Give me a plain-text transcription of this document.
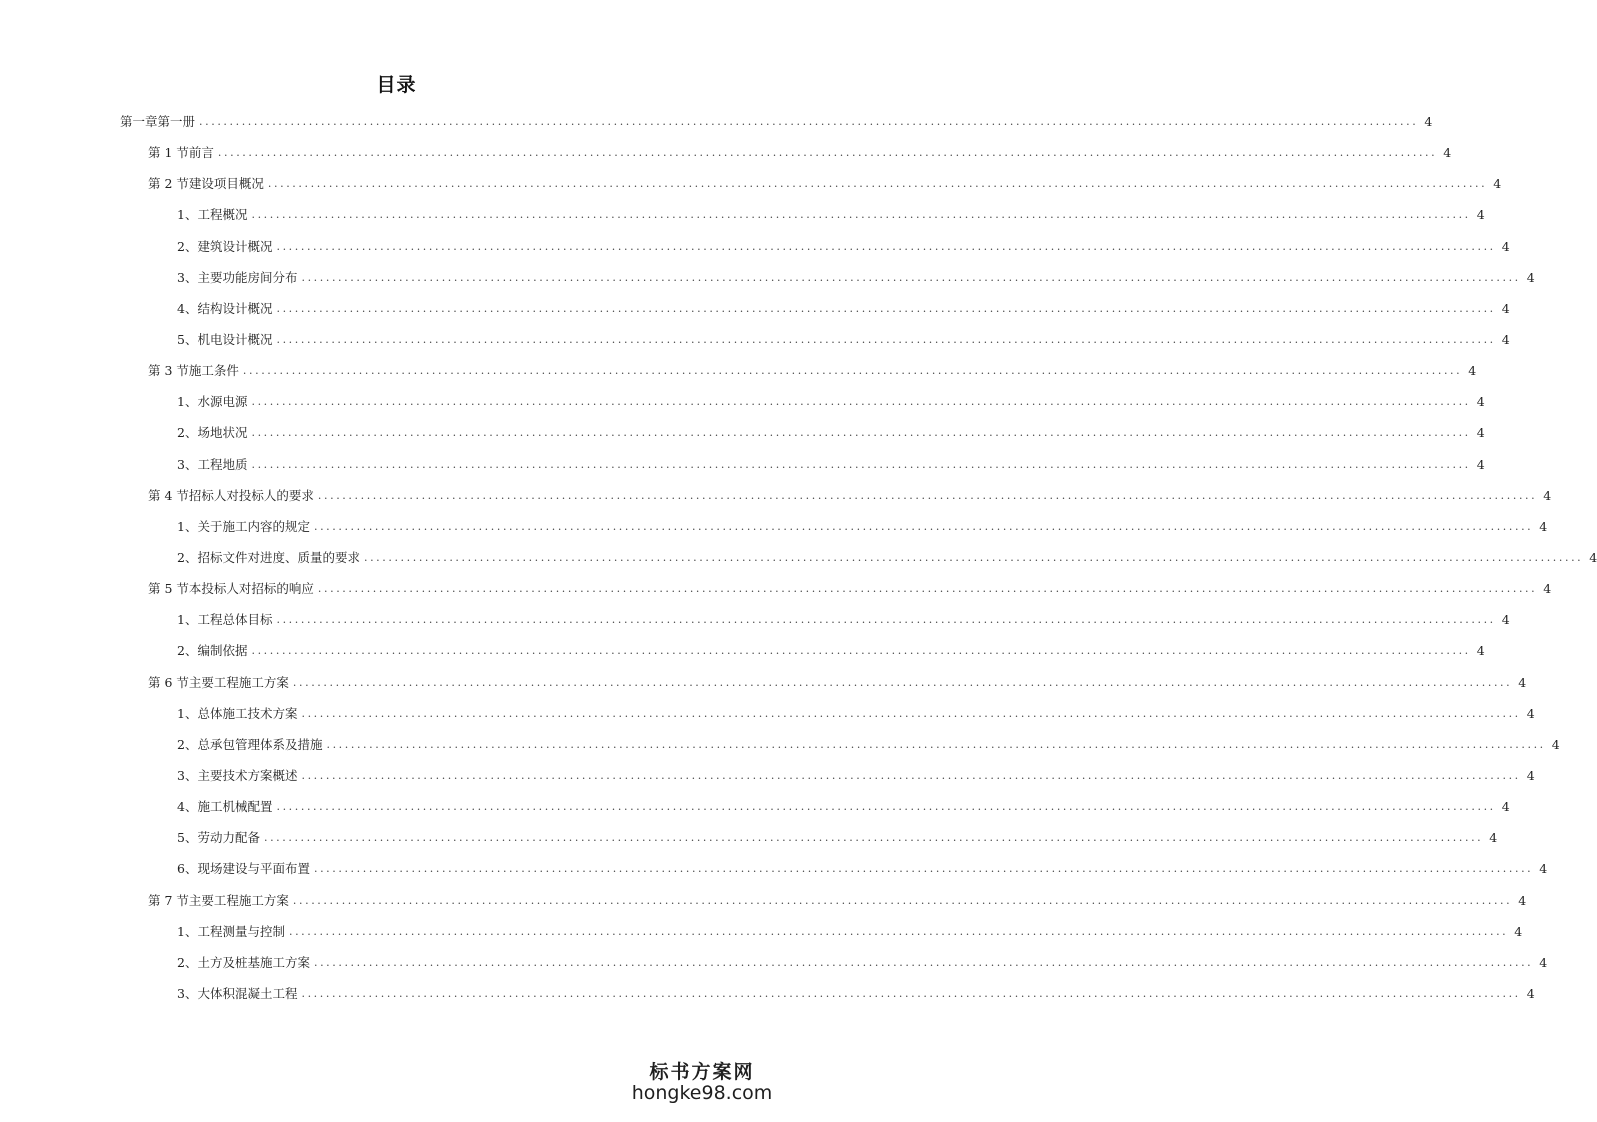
目录
第一章 第一册 ........................................................................................................................................................................................................ 4
第 1 节 前言 ........................................................................................................................................................................................................ 4
第 2 节 建设项目概况 ........................................................................................................................................................................................................ 4
1、 工程概况 ........................................................................................................................................................................................................ 4
2、 建筑设计概况 ........................................................................................................................................................................................................ 4
3、 主要功能房间分布 ........................................................................................................................................................................................................ 4
4、 结构设计概况 ........................................................................................................................................................................................................ 4
5、 机电设计概况 ........................................................................................................................................................................................................ 4
第 3 节 施工条件 ........................................................................................................................................................................................................ 4
1、 水源电源 ........................................................................................................................................................................................................ 4
2、 场地状况 ........................................................................................................................................................................................................ 4
3、 工程地质 ........................................................................................................................................................................................................ 4
第 4 节 招标人对投标人的要求 ........................................................................................................................................................................................................ 4
1、 关于施工内容的规定 ........................................................................................................................................................................................................ 4
2、 招标文件对进度、质量的要求 ........................................................................................................................................................................................................ 4
第 5 节 本投标人对招标的响应 ........................................................................................................................................................................................................ 4
1、 工程总体目标 ........................................................................................................................................................................................................ 4
2、 编制依据 ........................................................................................................................................................................................................ 4
第 6 节 主要工程施工方案 ........................................................................................................................................................................................................ 4
1、 总体施工技术方案 ........................................................................................................................................................................................................ 4
2、 总承包管理体系及措施 ........................................................................................................................................................................................................ 4
3、 主要技术方案概述 ........................................................................................................................................................................................................ 4
4、 施工机械配置 ........................................................................................................................................................................................................ 4
5、 劳动力配备 ........................................................................................................................................................................................................ 4
6、 现场建设与平面布置 ........................................................................................................................................................................................................ 4
第 7 节 主要工程施工方案 ........................................................................................................................................................................................................ 4
1、 工程测量与控制 ........................................................................................................................................................................................................ 4
2、 土方及桩基施工方案 ........................................................................................................................................................................................................ 4
3、 大体积混凝土工程 ........................................................................................................................................................................................................ 4
标书方案网
hongke98.com
